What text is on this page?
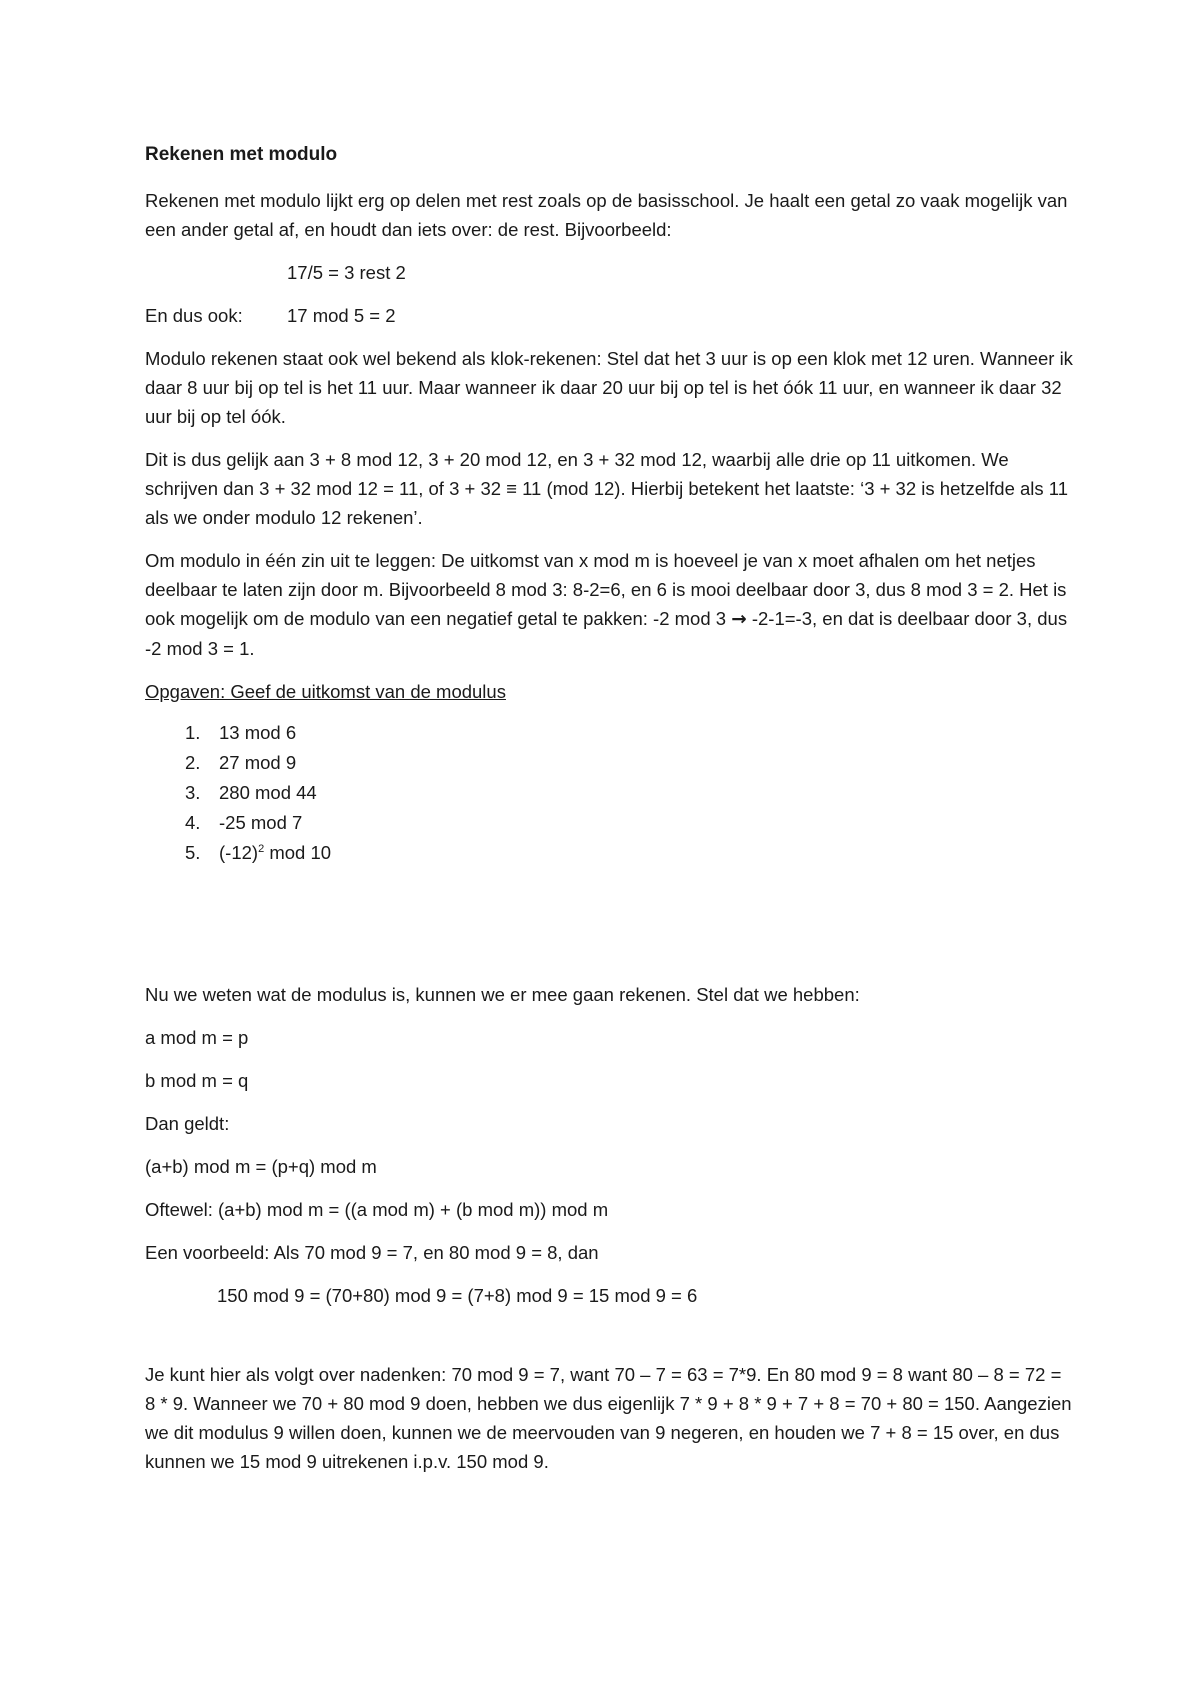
Rekenen met modulo

Rekenen met modulo lijkt erg op delen met rest zoals op de basisschool. Je haalt een getal zo vaak mogelijk van een ander getal af, en houdt dan iets over: de rest. Bijvoorbeeld:

17/5 = 3 rest 2
En dus ook:	17 mod 5 = 2

Modulo rekenen staat ook wel bekend als klok-rekenen: Stel dat het 3 uur is op een klok met 12 uren. Wanneer ik daar 8 uur bij op tel is het 11 uur. Maar wanneer ik daar 20 uur bij op tel is het óók 11 uur, en wanneer ik daar 32 uur bij op tel óók.

Dit is dus gelijk aan 3 + 8 mod 12, 3 + 20 mod 12, en 3 + 32 mod 12, waarbij alle drie op 11 uitkomen. We schrijven dan 3 + 32 mod 12 = 11, of 3 + 32 ≡ 11 (mod 12). Hierbij betekent het laatste: ‘3 + 32 is hetzelfde als 11 als we onder modulo 12 rekenen’.

Om modulo in één zin uit te leggen: De uitkomst van x mod m is hoeveel je van x moet afhalen om het netjes deelbaar te laten zijn door m. Bijvoorbeeld 8 mod 3: 8-2=6, en 6 is mooi deelbaar door 3, dus 8 mod 3 = 2. Het is ook mogelijk om de modulo van een negatief getal te pakken: -2 mod 3 → -2-1=-3, en dat is deelbaar door 3, dus -2 mod 3 = 1.

Opgaven: Geef de uitkomst van de modulus
1.	13 mod 6
2.	27 mod 9
3.	280 mod 44
4.	-25 mod 7
5.	$(-12)^2$ mod 10

Nu we weten wat de modulus is, kunnen we er mee gaan rekenen. Stel dat we hebben:

a mod m = p

b mod m = q

Dan geldt:

(a+b) mod m = (p+q) mod m

Oftewel: (a+b) mod m = ((a mod m) + (b mod m)) mod m

Een voorbeeld: Als 70 mod 9 = 7, en 80 mod 9 = 8, dan

150 mod 9 = (70+80) mod 9 = (7+8) mod 9 = 15 mod 9 = 6

Je kunt hier als volgt over nadenken: 70 mod 9 = 7, want 70 – 7 = 63 = 7*9. En 80 mod 9 = 8 want 80 – 8 = 72 = 8 * 9. Wanneer we 70 + 80 mod 9 doen, hebben we dus eigenlijk 7 * 9 + 8 * 9 + 7 + 8 = 70 + 80 = 150. Aangezien we dit modulus 9 willen doen, kunnen we de meervouden van 9 negeren, en houden we 7 + 8 = 15 over, en dus kunnen we 15 mod 9 uitrekenen i.p.v. 150 mod 9.
